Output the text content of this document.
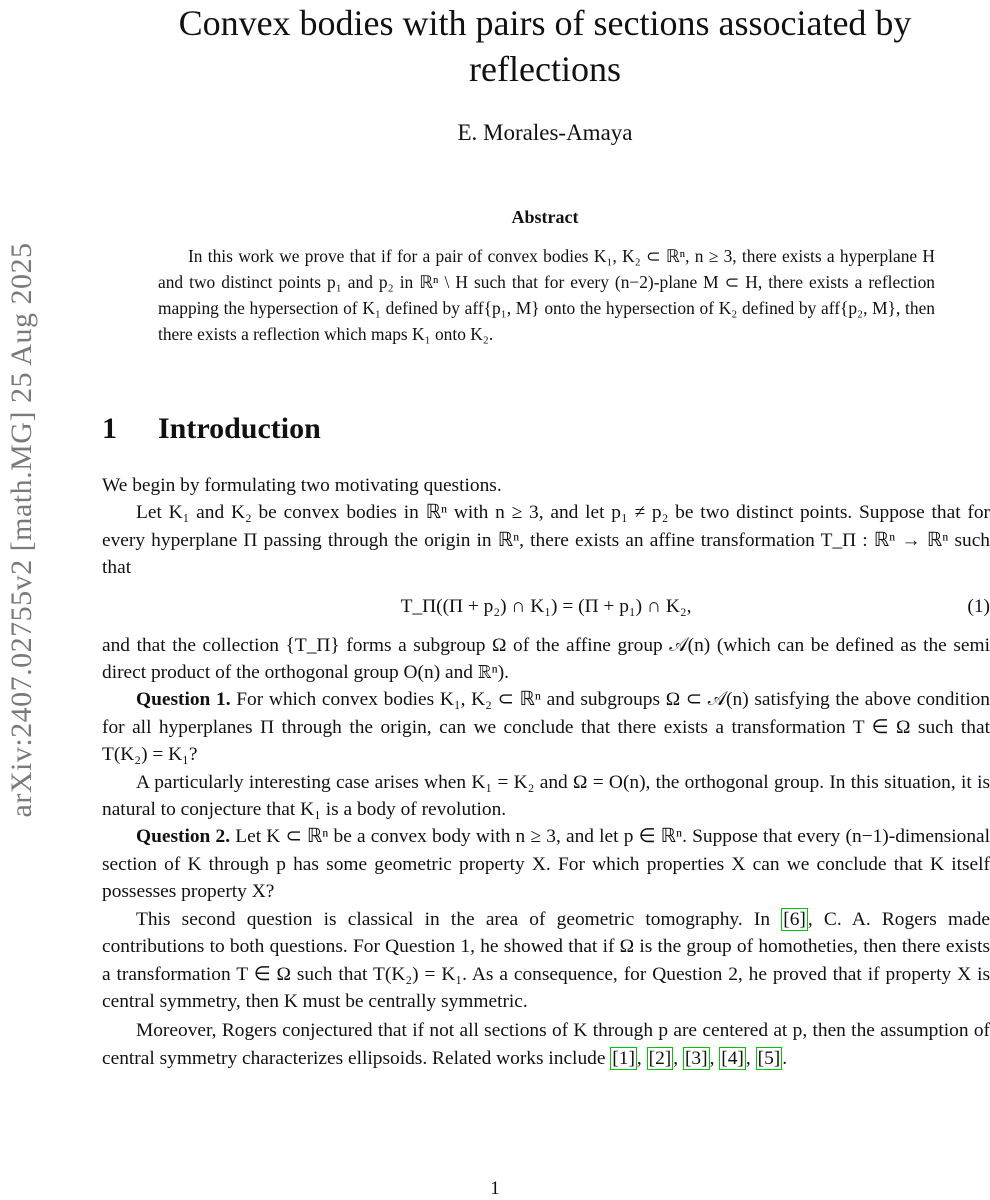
arXiv:2407.02755v2 [math.MG] 25 Aug 2025
Convex bodies with pairs of sections associated by
reflections
E. Morales-Amaya
Abstract

In this work we prove that if for a pair of convex bodies K₁, K₂ ⊂ ℝⁿ, n ≥ 3, there exists a hyperplane H and two distinct points p₁ and p₂ in ℝⁿ \ H such that for every (n−2)-plane M ⊂ H, there exists a reflection mapping the hypersection of K₁ defined by aff{p₁, M} onto the hypersection of K₂ defined by aff{p₂, M}, then there exists a reflection which maps K₁ onto K₂.

1 Introduction

We begin by formulating two motivating questions.

Let K₁ and K₂ be convex bodies in ℝⁿ with n ≥ 3, and let p₁ ≠ p₂ be two distinct points. Suppose that for every hyperplane Π passing through the origin in ℝⁿ, there exists an affine transformation T_Π : ℝⁿ → ℝⁿ such that

T_Π((Π + p₂) ∩ K₁) = (Π + p₁) ∩ K₂,	(1)

and that the collection {T_Π} forms a subgroup Ω of the affine group 𝒜(n) (which can be defined as the semi direct product of the orthogonal group O(n) and ℝⁿ).

Question 1. For which convex bodies K₁, K₂ ⊂ ℝⁿ and subgroups Ω ⊂ 𝒜(n) satisfying the above condition for all hyperplanes Π through the origin, can we conclude that there exists a transformation T ∈ Ω such that T(K₂) = K₁?

A particularly interesting case arises when K₁ = K₂ and Ω = O(n), the orthogonal group. In this situation, it is natural to conjecture that K₁ is a body of revolution.

Question 2. Let K ⊂ ℝⁿ be a convex body with n ≥ 3, and let p ∈ ℝⁿ. Suppose that every (n−1)-dimensional section of K through p has some geometric property X. For which properties X can we conclude that K itself possesses property X?

This second question is classical in the area of geometric tomography. In [6] , C. A. Rogers made contributions to both questions. For Question 1, he showed that if Ω is the group of homotheties, then there exists a transformation T ∈ Ω such that T(K₂) = K₁. As a consequence, for Question 2, he proved that if property X is central symmetry, then K must be centrally symmetric.

Moreover, Rogers conjectured that if not all sections of K through p are centered at p, then the assumption of central symmetry characterizes ellipsoids. Related works include [1] , [2] , [3] , [4] , [5] .

1
